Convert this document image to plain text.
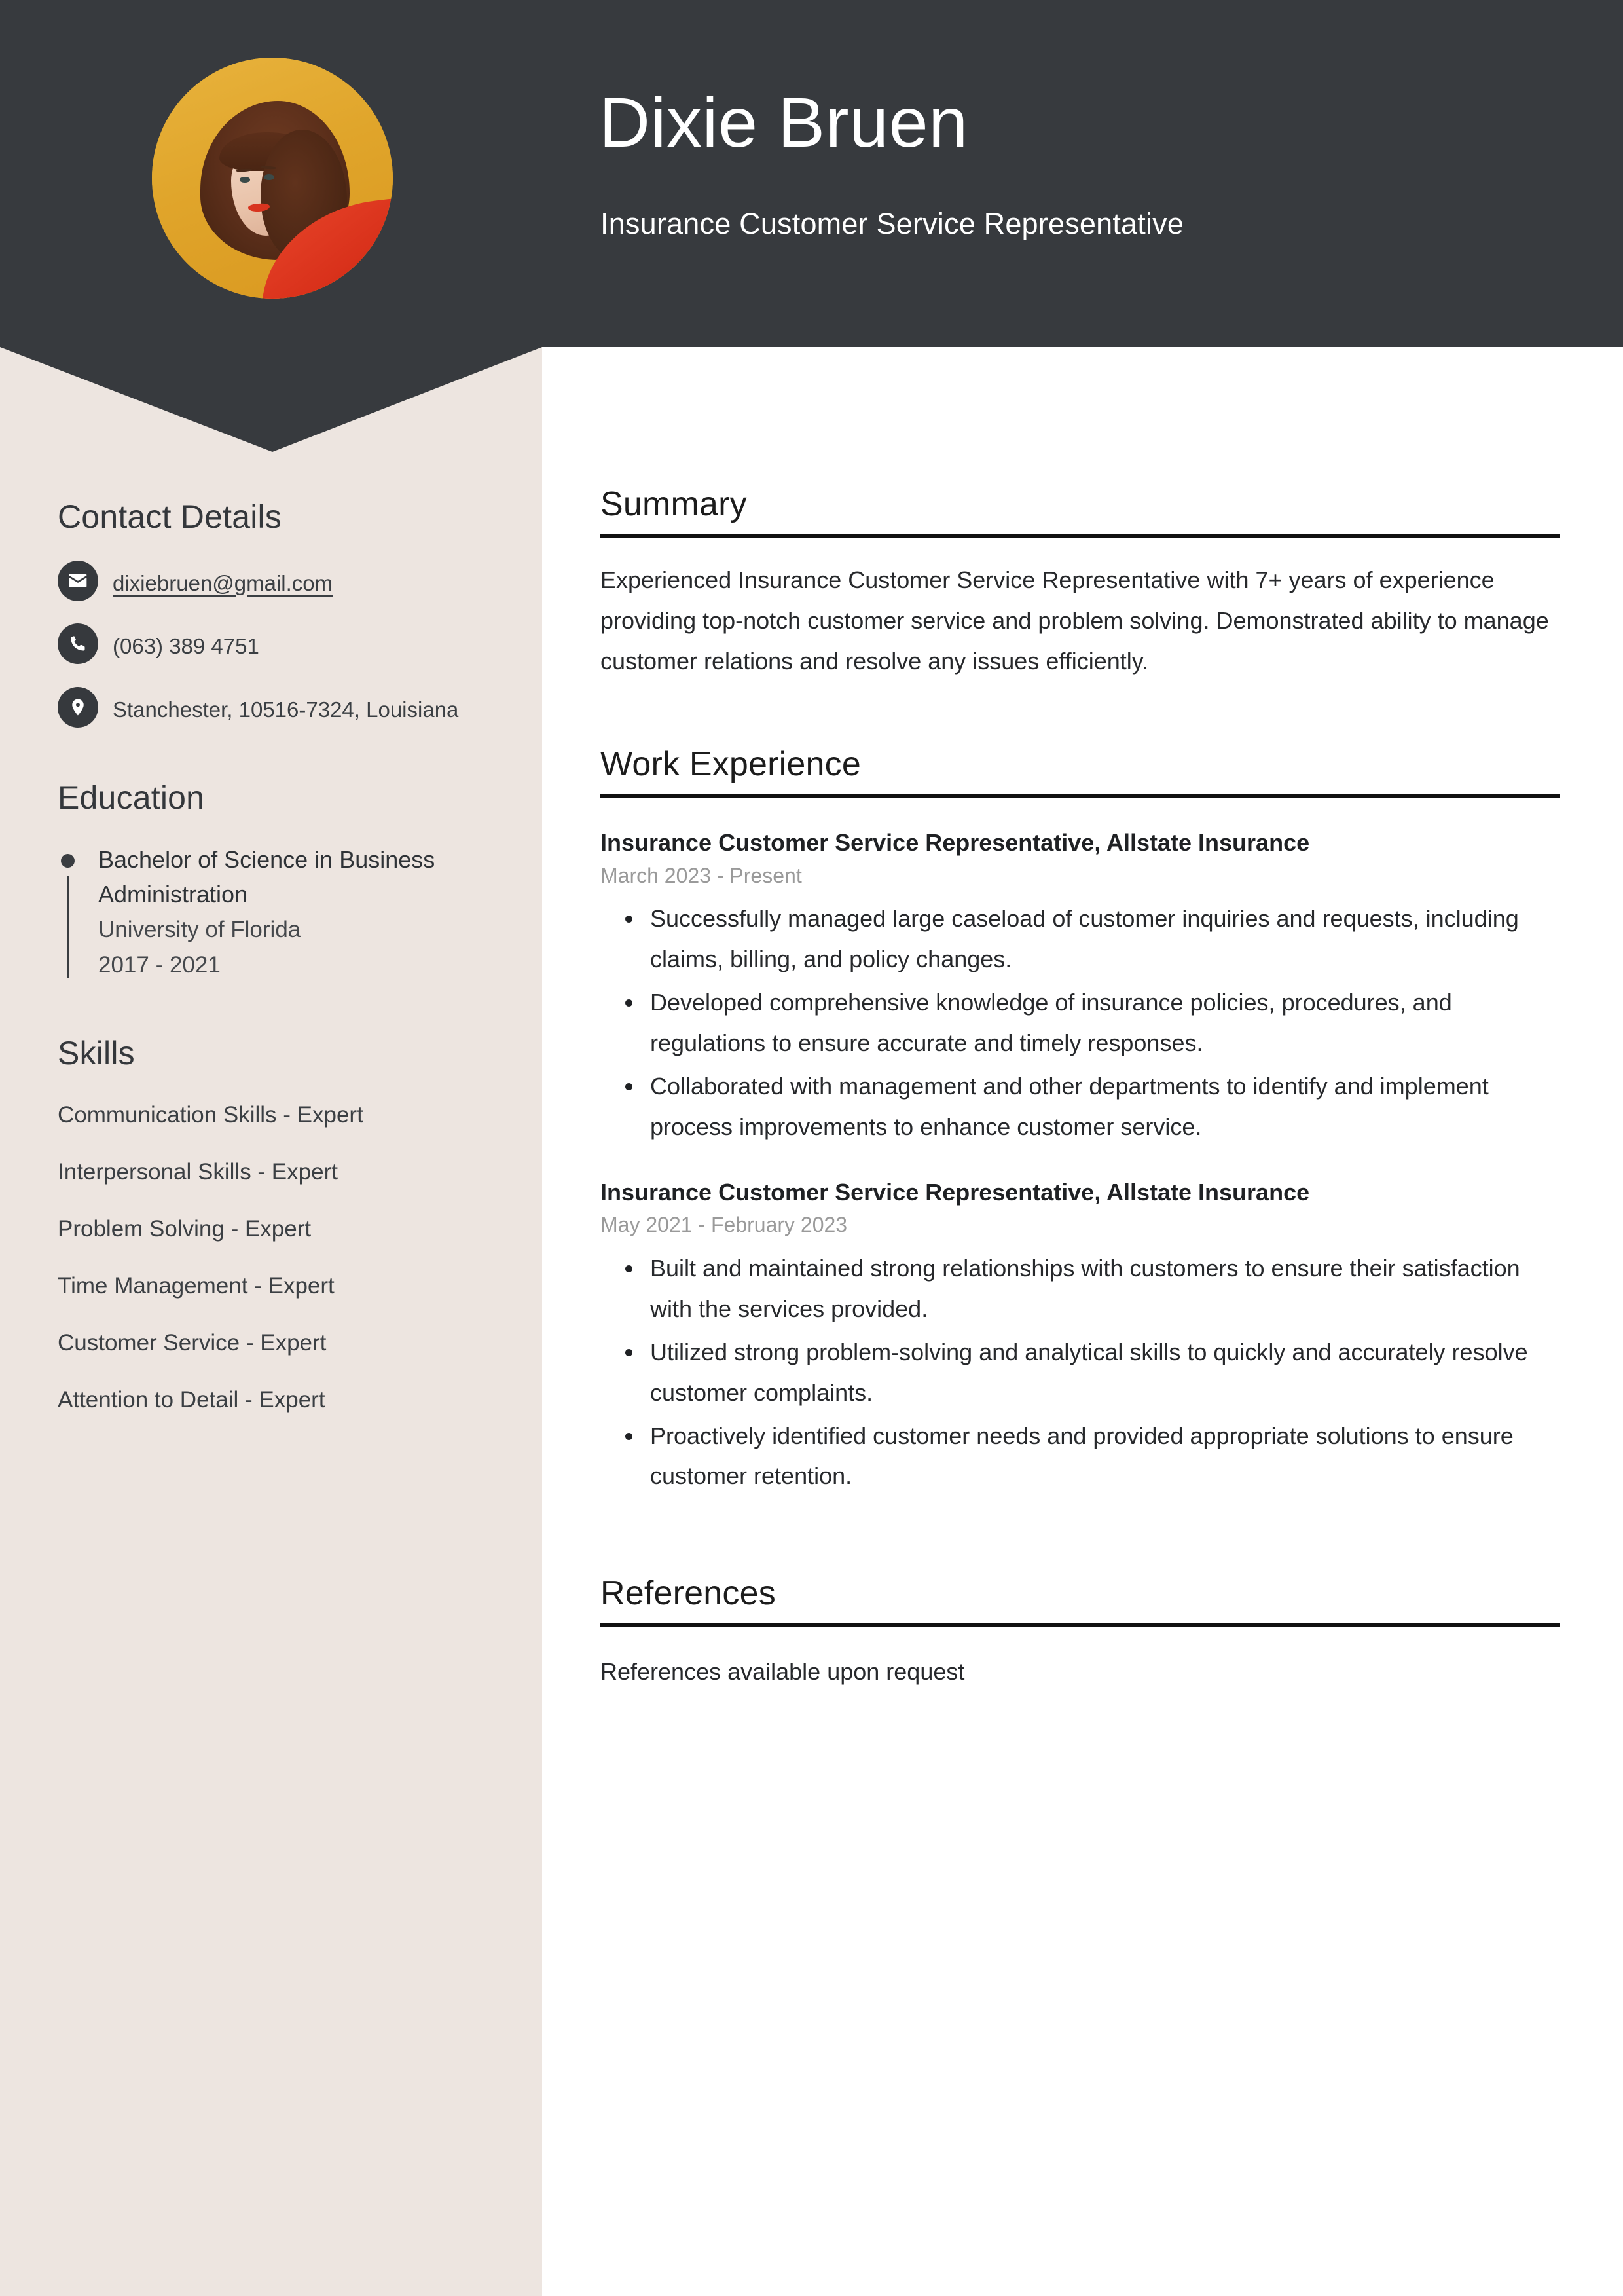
Dixie Bruen
Insurance Customer Service Representative
Contact Details
dixiebruen@gmail.com
(063) 389 4751
Stanchester, 10516-7324, Louisiana
Education
Bachelor of Science in Business Administration
University of Florida
2017 - 2021
Skills
Communication Skills - Expert
Interpersonal Skills - Expert
Problem Solving - Expert
Time Management - Expert
Customer Service - Expert
Attention to Detail - Expert
Summary

Experienced Insurance Customer Service Representative with 7+ years of experience providing top-notch customer service and problem solving. Demonstrated ability to manage customer relations and resolve any issues efficiently.

Work Experience
Insurance Customer Service Representative, Allstate Insurance
March 2023 - Present
Successfully managed large caseload of customer inquiries and requests, including claims, billing, and policy changes.
Developed comprehensive knowledge of insurance policies, procedures, and regulations to ensure accurate and timely responses.
Collaborated with management and other departments to identify and implement process improvements to enhance customer service.
Insurance Customer Service Representative, Allstate Insurance
May 2021 - February 2023
Built and maintained strong relationships with customers to ensure their satisfaction with the services provided.
Utilized strong problem-solving and analytical skills to quickly and accurately resolve customer complaints.
Proactively identified customer needs and provided appropriate solutions to ensure customer retention.
References

References available upon request
